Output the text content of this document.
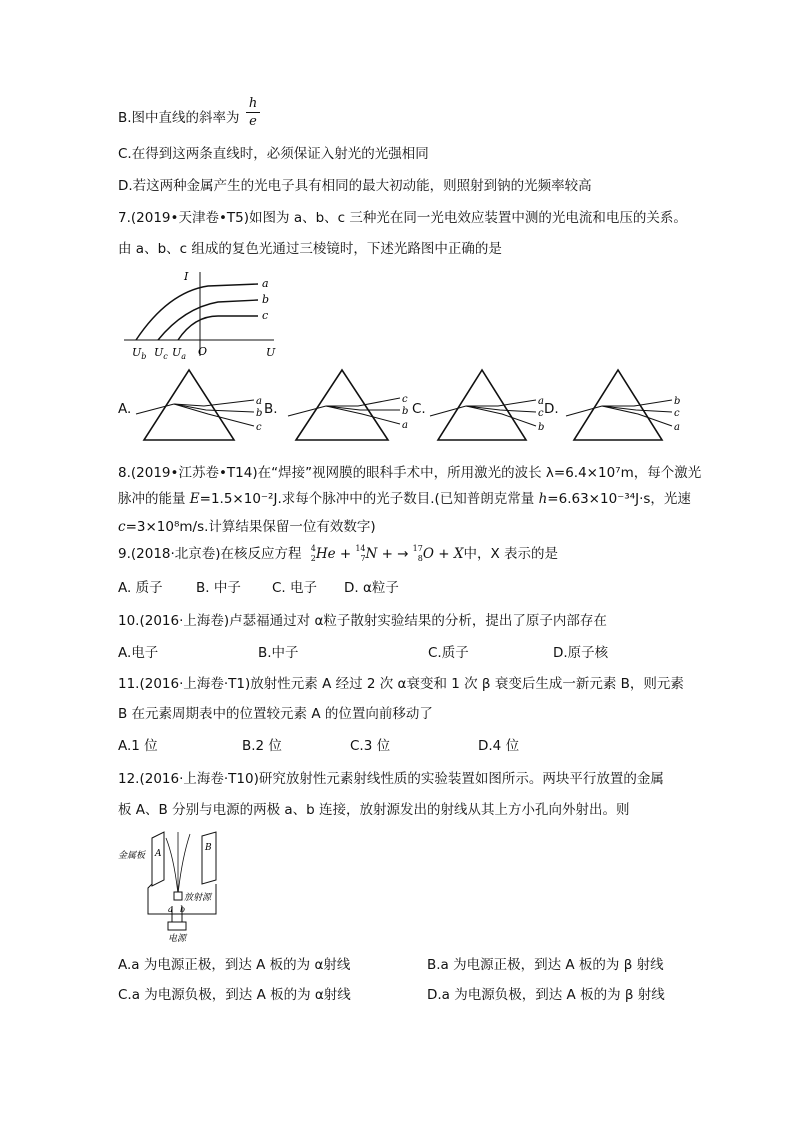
B.图中直线的斜率为
h
e
C.在得到这两条直线时，必须保证入射光的光强相同
D.若这两种金属产生的光电子具有相同的最大初动能，则照射到钠的光频率较高
7.(2019•天津卷•T5)如图为 a、b、c 三种光在同一光电效应装置中测的光电流和电压的关系。
由 a、b、c 组成的复色光通过三棱镜时，下述光路图中正确的是
I
U
O
a
b
c
$U_b$ $U_c$ $U_a$
A.	a
b
c
B.
c
b
a
C.	a
c
b
D.	b
c
a
8.(2019•江苏卷•T14)在“焊接”视网膜的眼科手术中，所用激光的波长 λ=6.4×10⁷m，每个激光
脉冲的能量 E=1.5×10⁻²J.求每个脉冲中的光子数目.(已知普朗克常量 h=6.63×10⁻³⁴J·s，光速
c=3×10⁸m/s.计算结果保留一位有效数字)
9.(2018·北京卷)在核反应方程 4
2 He + 14
7 N + → 17
8 O + X中，X 表示的是
A. 质子 B. 中子 C. 电子 D. α粒子
10.(2016·上海卷)卢瑟福通过对 α粒子散射实验结果的分析，提出了原子内部存在
A.电子	B.中子	C.质子	D.原子核
11.(2016·上海卷·T1)放射性元素 A 经过 2 次 α衰变和 1 次 β 衰变后生成一新元素 B，则元素
B 在元素周期表中的位置较元素 A 的位置向前移动了
A.1 位	B.2 位	C.3 位	D.4 位
12.(2016·上海卷·T10)研究放射性元素射线性质的实验装置如图所示。两块平行放置的金属
板 A、B 分别与电源的两极 a、b 连接，放射源发出的射线从其上方小孔向外射出。则
金属板 A
B
放射源
a b
电源
A.a 为电源正极，到达 A 板的为 α射线	B.a 为电源正极，到达 A 板的为 β 射线
C.a 为电源负极，到达 A 板的为 α射线	D.a 为电源负极，到达 A 板的为 β 射线
